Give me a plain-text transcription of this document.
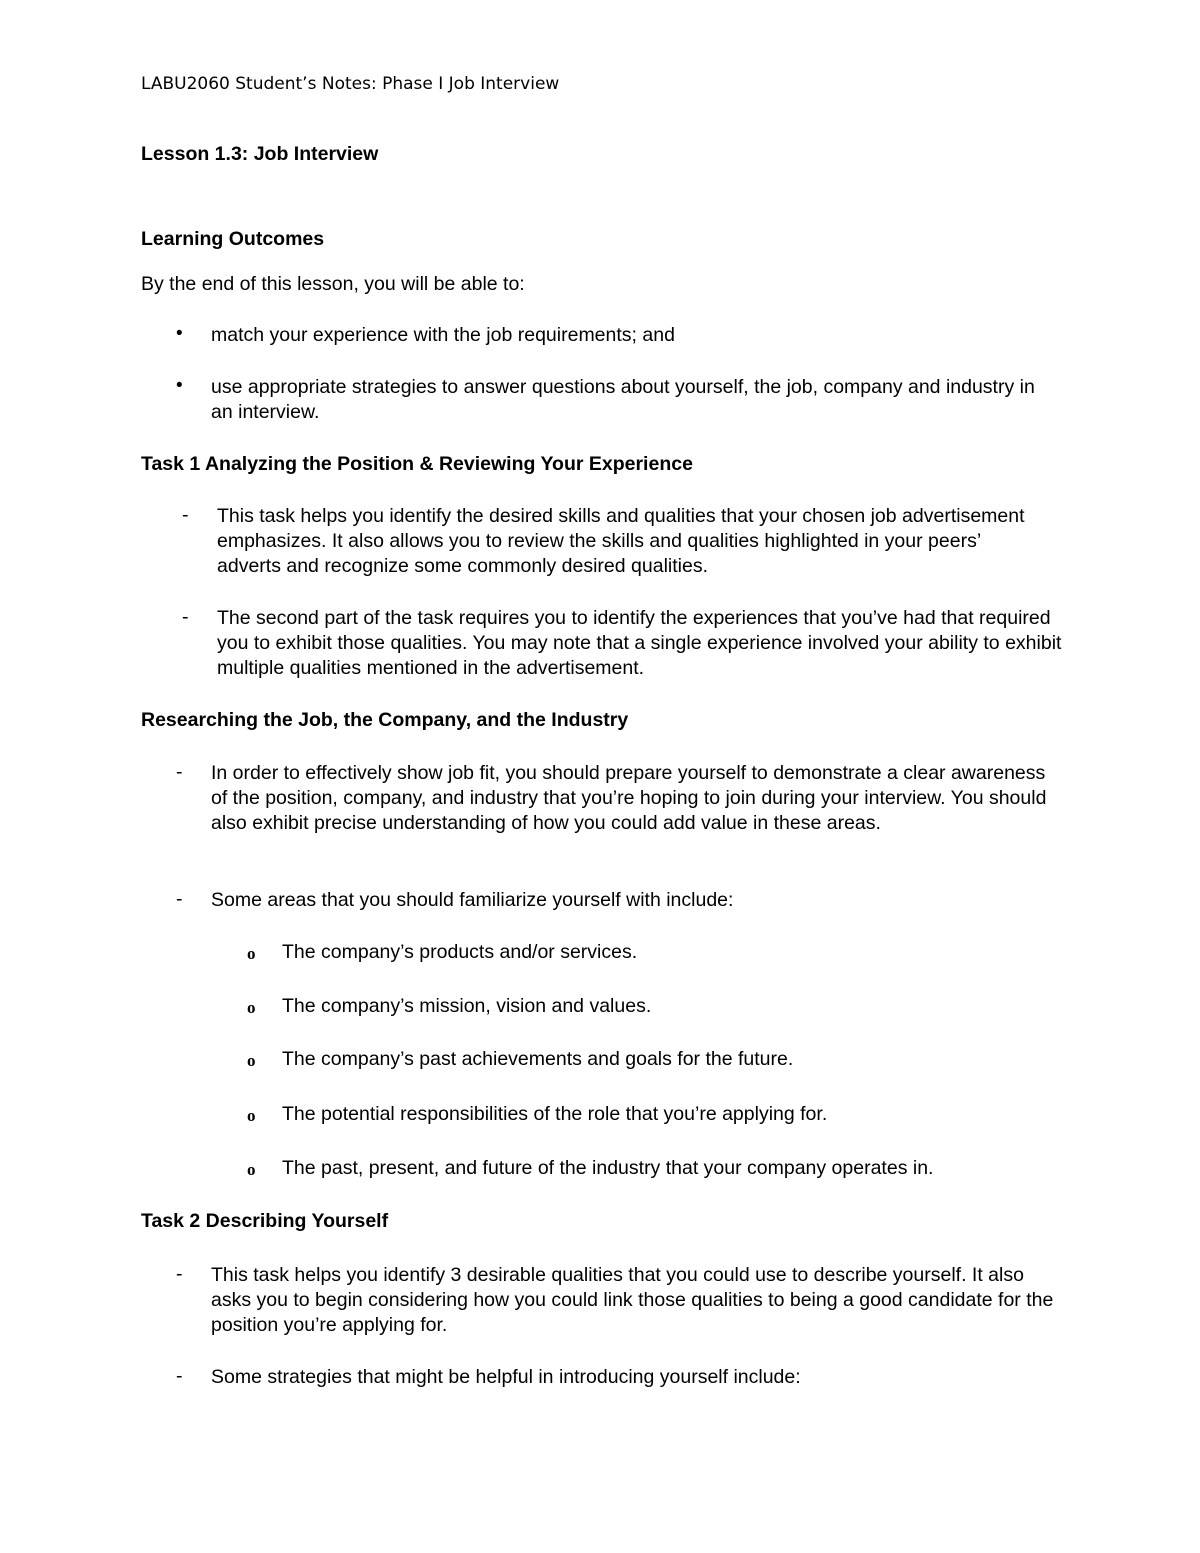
LABU2060 Student’s Notes: Phase I Job Interview
Lesson 1.3: Job Interview
Learning Outcomes
By the end of this lesson, you will be able to:
• match your experience with the job requirements; and
• use appropriate strategies to answer questions about yourself, the job, company and industry in an interview.
Task 1 Analyzing the Position & Reviewing Your Experience
- This task helps you identify the desired skills and qualities that your chosen job advertisement emphasizes. It also allows you to review the skills and qualities highlighted in your peers’ adverts and recognize some commonly desired qualities.
- The second part of the task requires you to identify the experiences that you’ve had that required you to exhibit those qualities. You may note that a single experience involved your ability to exhibit multiple qualities mentioned in the advertisement.
Researching the Job, the Company, and the Industry
- In order to effectively show job fit, you should prepare yourself to demonstrate a clear awareness of the position, company, and industry that you’re hoping to join during your interview. You should also exhibit precise understanding of how you could add value in these areas.
- Some areas that you should familiarize yourself with include:
o The company’s products and/or services.
o The company’s mission, vision and values.
o The company’s past achievements and goals for the future.
o The potential responsibilities of the role that you’re applying for.
o The past, present, and future of the industry that your company operates in.
Task 2 Describing Yourself
- This task helps you identify 3 desirable qualities that you could use to describe yourself. It also asks you to begin considering how you could link those qualities to being a good candidate for the position you’re applying for.
- Some strategies that might be helpful in introducing yourself include:
